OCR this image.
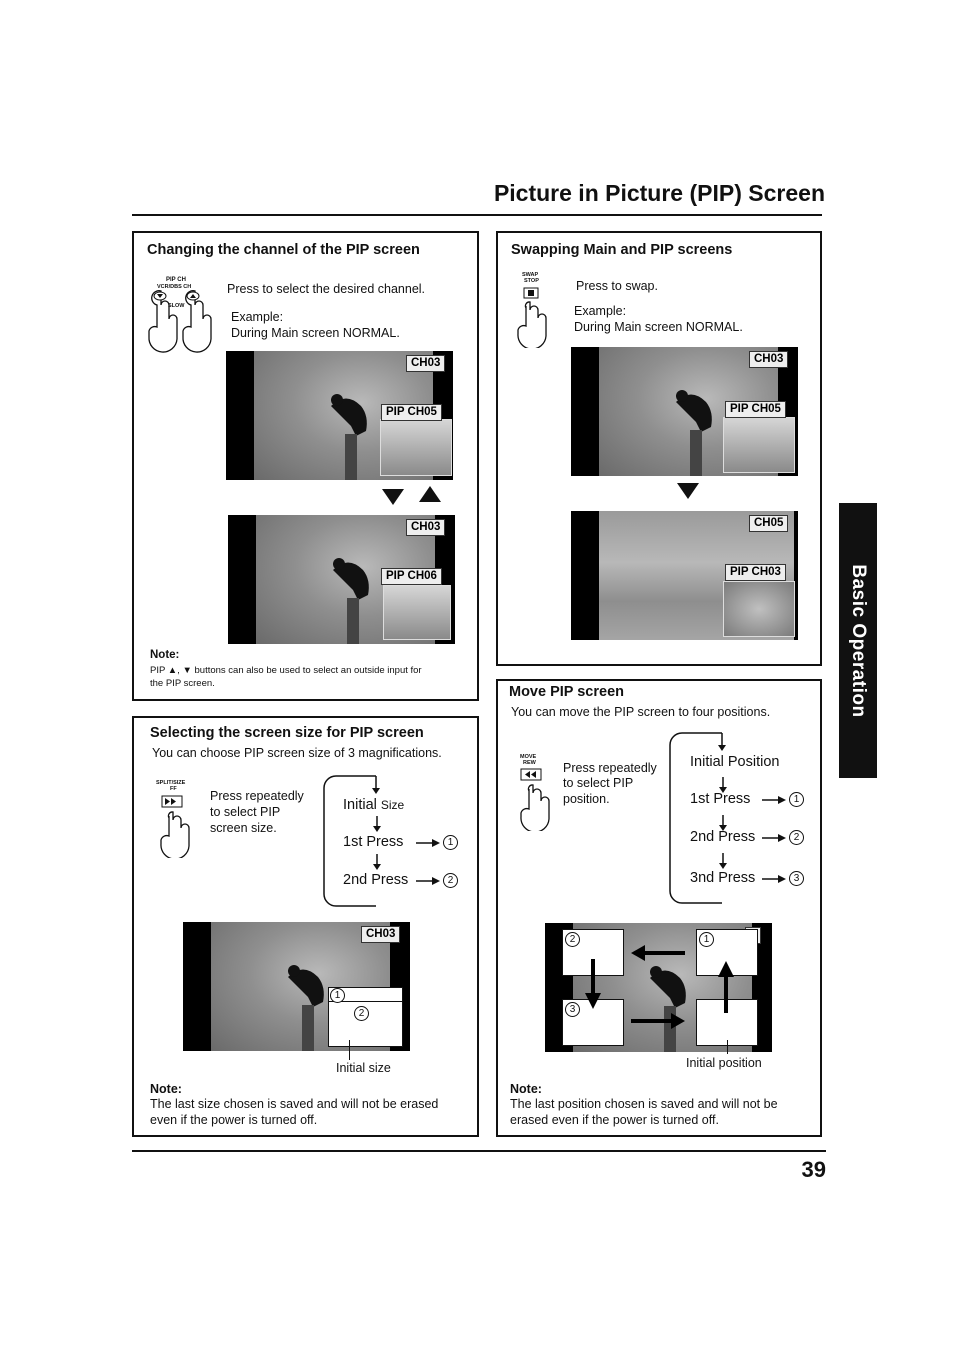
Picture in Picture (PIP) Screen
Basic Operation
Changing the channel of the PIP screen
PIP CH
VCR/DBS CH
SLOW
Press to select the desired channel.
Example:
During Main screen NORMAL.
CH03
PIP CH05
CH03
PIP CH06
Note:
PIP ▲, ▼ buttons can also be used to select an outside input for
the PIP screen.
Swapping Main and PIP screens
SWAP
STOP	Press to swap.
Example:
During Main screen NORMAL.
CH03
PIP CH05
CH05
PIP CH03
Selecting the screen size for PIP screen
You can choose PIP screen size of 3 magnifications.
SPLIT/SIZE
FF	Press repeatedly
to select PIP
screen size.
Initial Size
1st Press
2nd Press
1
2
CH03
1
2
Initial size
Note:
The last size chosen is saved and will not be erased
even if the power is turned off.
Move PIP screen
You can move the PIP screen to four positions.
MOVE
REW Press repeatedly
to select PIP
position.
Initial Position
1st Press
2nd Press
3nd Press
1
2
3
2	1
3
Initial position
Note:
The last position chosen is saved and will not be
erased even if the power is turned off.
39
